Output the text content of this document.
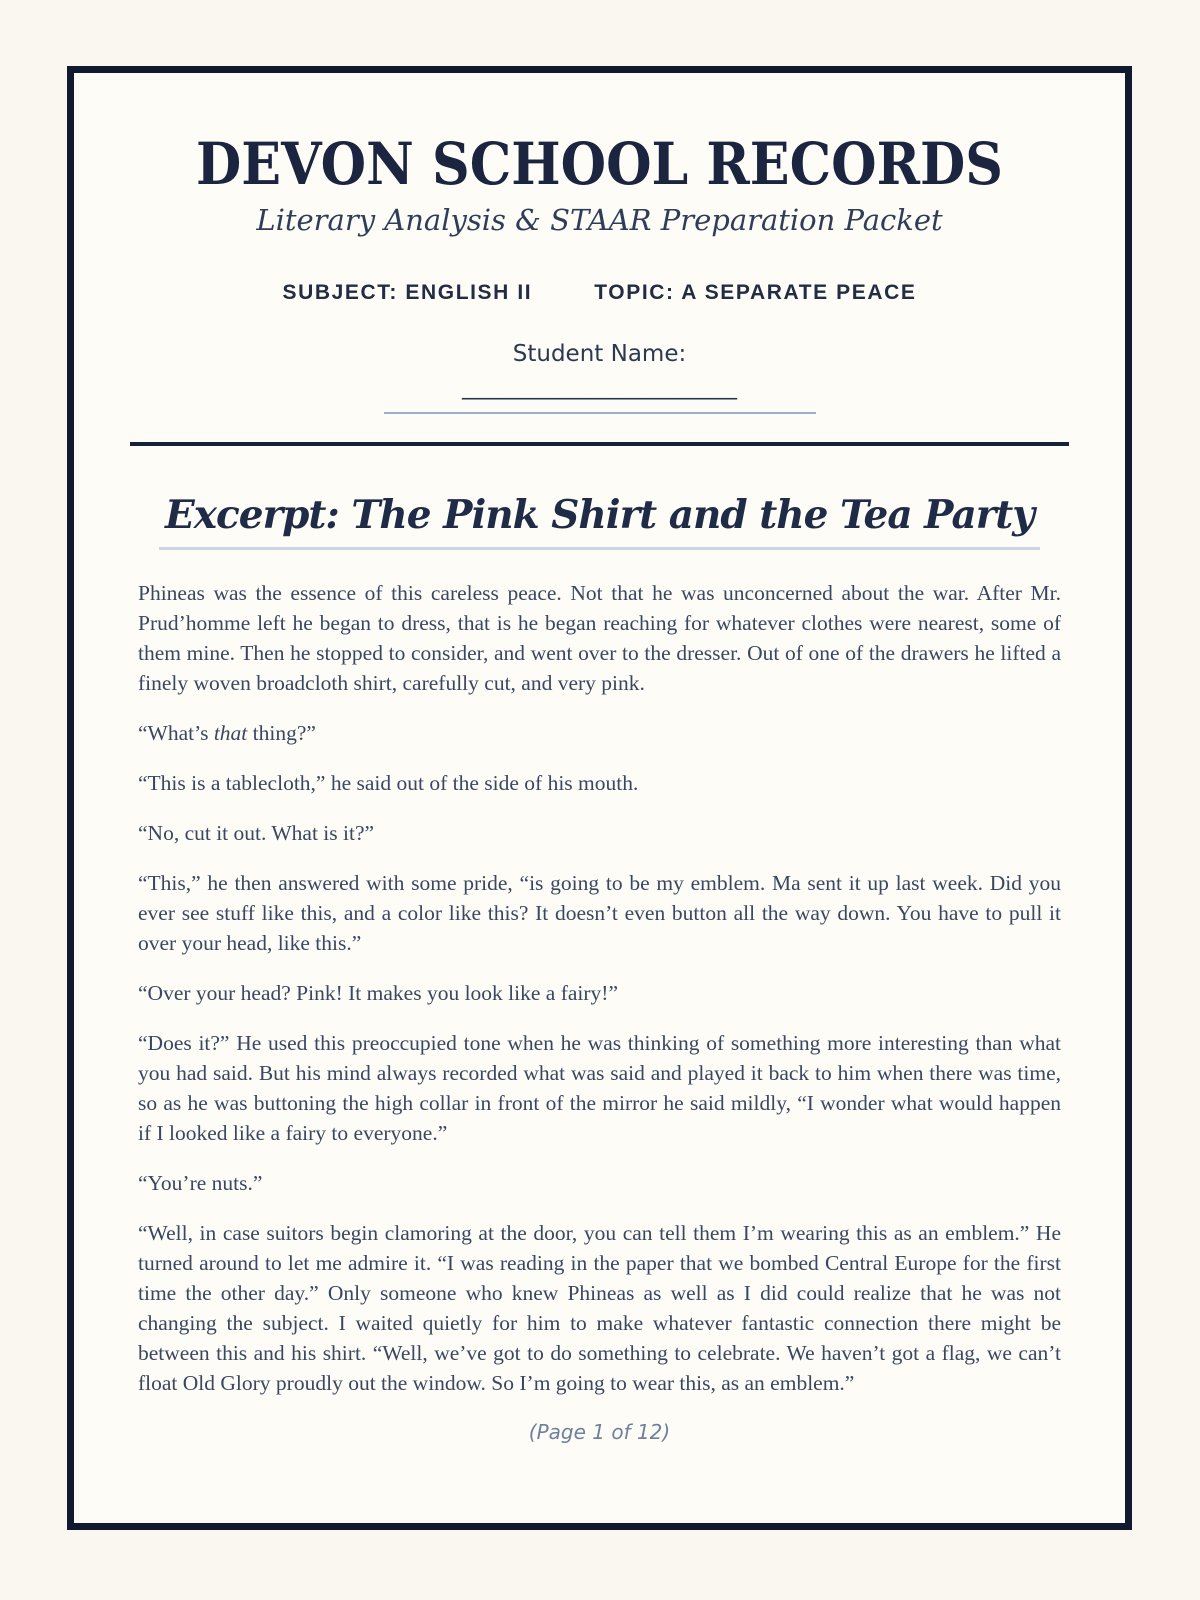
DEVON SCHOOL RECORDS

Literary Analysis & STAAR Preparation Packet

SUBJECT: ENGLISH II	TOPIC: A SEPARATE PEACE
Student Name:
_________________________
Excerpt: The Pink Shirt and the Tea Party

Phineas was the essence of this careless peace. Not that he was unconcerned about the war. After Mr. Prud’homme left he began to dress, that is he began reaching for whatever clothes were nearest, some of them mine. Then he stopped to consider, and went over to the dresser. Out of one of the drawers he lifted a finely woven broadcloth shirt, carefully cut, and very pink.

“What’s that thing?”

“This is a tablecloth,” he said out of the side of his mouth.

“No, cut it out. What is it?”

“This,” he then answered with some pride, “is going to be my emblem. Ma sent it up last week. Did you ever see stuff like this, and a color like this? It doesn’t even button all the way down. You have to pull it over your head, like this.”

“Over your head? Pink! It makes you look like a fairy!”

“Does it?” He used this preoccupied tone when he was thinking of something more interesting than what you had said. But his mind always recorded what was said and played it back to him when there was time, so as he was buttoning the high collar in front of the mirror he said mildly, “I wonder what would happen if I looked like a fairy to everyone.”

“You’re nuts.”

“Well, in case suitors begin clamoring at the door, you can tell them I’m wearing this as an emblem.” He turned around to let me admire it. “I was reading in the paper that we bombed Central Europe for the first time the other day.” Only someone who knew Phineas as well as I did could realize that he was not changing the subject. I waited quietly for him to make whatever fantastic connection there might be between this and his shirt. “Well, we’ve got to do something to celebrate. We haven’t got a flag, we can’t float Old Glory proudly out the window. So I’m going to wear this, as an emblem.”

(Page 1 of 12)
